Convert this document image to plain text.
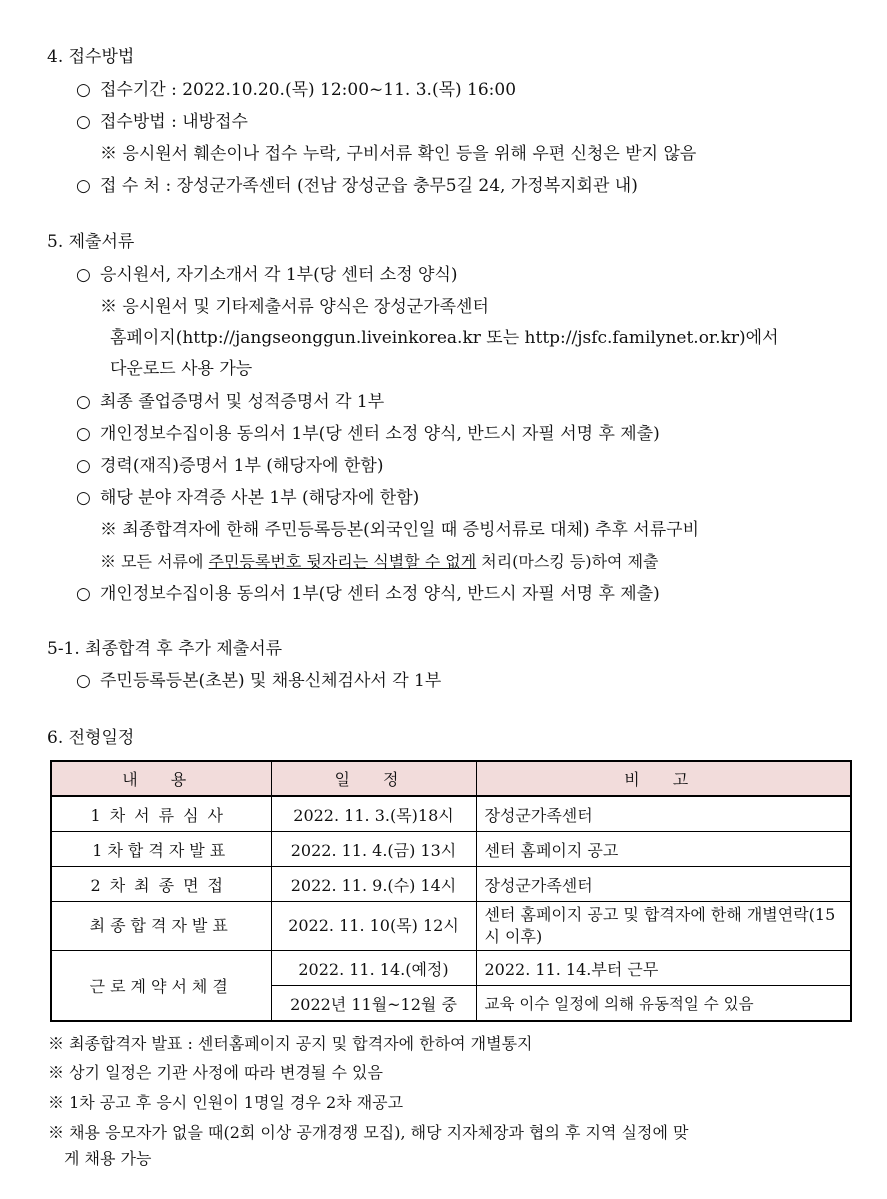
4. 접수방법
○ 접수기간 : 2022.10.20.(목) 12:00~11. 3.(목) 16:00
○ 접수방법 : 내방접수
※ 응시원서 훼손이나 접수 누락, 구비서류 확인 등을 위해 우편 신청은 받지 않음
○ 접 수 처 : 장성군가족센터 (전남 장성군읍 충무5길 24, 가정복지회관 내)
5. 제출서류
○ 응시원서, 자기소개서 각 1부(당 센터 소정 양식)
※ 응시원서 및 기타제출서류 양식은 장성군가족센터
홈페이지(http://jangseonggun.liveinkorea.kr 또는 http://jsfc.familynet.or.kr)에서
다운로드 사용 가능
○ 최종 졸업증명서 및 성적증명서 각 1부
○ 개인정보수집이용 동의서 1부(당 센터 소정 양식, 반드시 자필 서명 후 제출)
○ 경력(재직)증명서 1부 (해당자에 한함)
○ 해당 분야 자격증 사본 1부 (해당자에 한함)
※ 최종합격자에 한해 주민등록등본(외국인일 때 증빙서류로 대체) 추후 서류구비
※ 모든 서류에 주민등록번호 뒷자리는 식별할 수 없게 처리(마스킹 등)하여 제출
○ 개인정보수집이용 동의서 1부(당 센터 소정 양식, 반드시 자필 서명 후 제출)
5-1. 최종합격 후 추가 제출서류
○ 주민등록등본(초본) 및 채용신체검사서 각 1부
6. 전형일정
내 용	일 정	비 고
1차서류심사	2022. 11. 3.(목)18시	장성군가족센터
1차합격자발표	2022. 11. 4.(금) 13시	센터 홈페이지 공고
2차최종면접	2022. 11. 9.(수) 14시	장성군가족센터
최종합격자발표	2022. 11. 10(목) 12시	센터 홈페이지 공고 및 합격자에 한해 개별연락(15시 이후)
근로계약서체결	2022. 11. 14.(예정)	2022. 11. 14.부터 근무
	2022년 11월~12월 중	교육 이수 일정에 의해 유동적일 수 있음
※ 최종합격자 발표 : 센터홈페이지 공지 및 합격자에 한하여 개별통지
※ 상기 일정은 기관 사정에 따라 변경될 수 있음
※ 1차 공고 후 응시 인원이 1명일 경우 2차 재공고
※ 채용 응모자가 없을 때(2회 이상 공개경쟁 모집), 해당 지자체장과 협의 후 지역 실정에 맞
게 채용 가능
